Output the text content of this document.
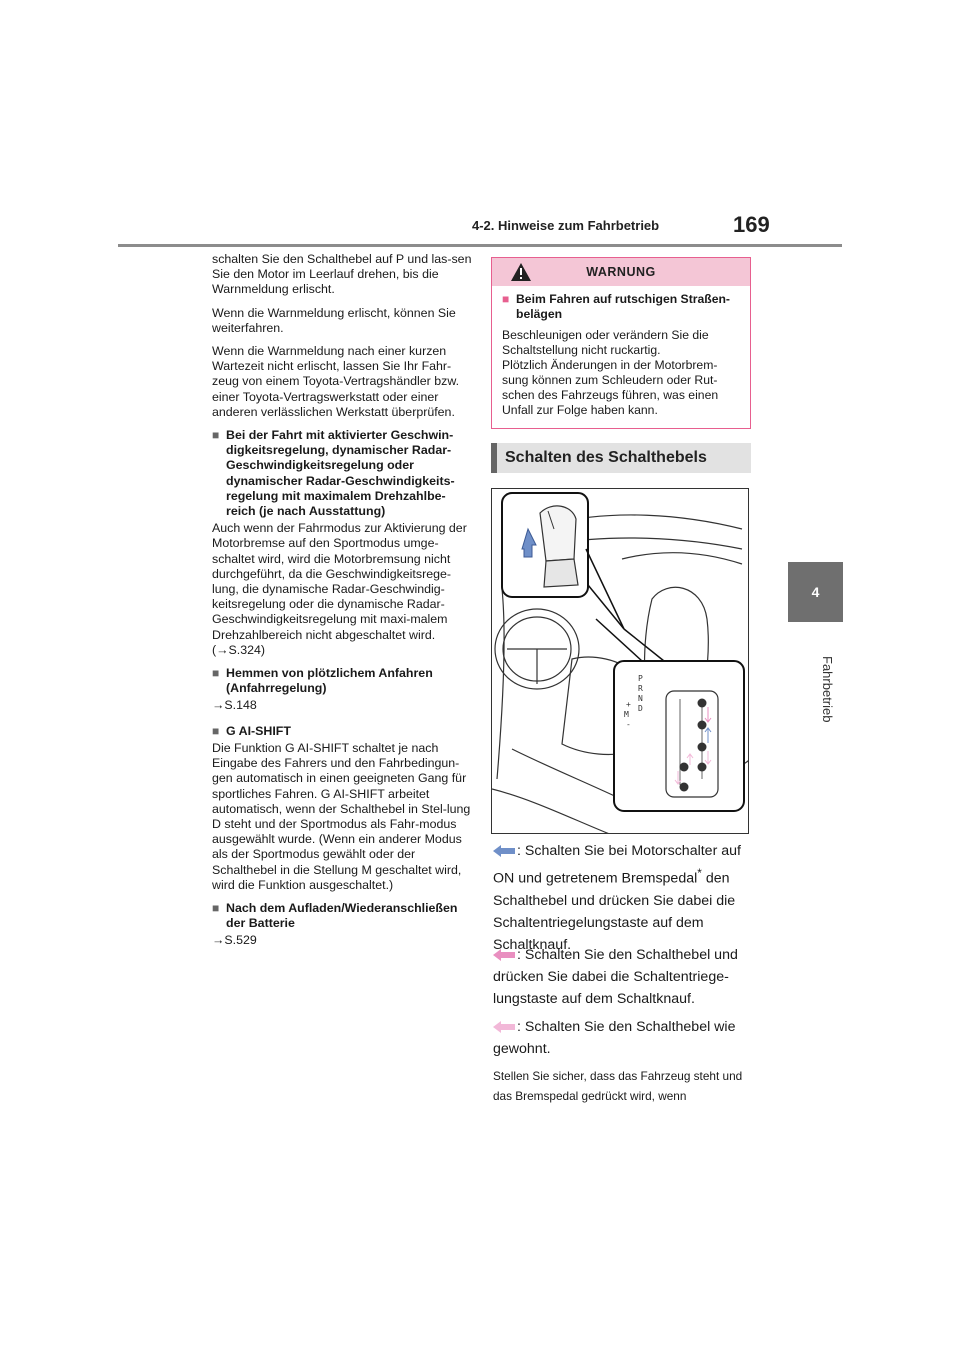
4-2. Hinweise zum Fahrbetrieb	169
4
Fahrbetrieb

schalten Sie den Schalthebel auf P und las-sen Sie den Motor im Leerlauf drehen, bis die Warnmeldung erlischt.

Wenn die Warnmeldung erlischt, können Sie weiterfahren.

Wenn die Warnmeldung nach einer kurzen Wartezeit nicht erlischt, lassen Sie Ihr Fahr-zeug von einem Toyota-Vertragshändler bzw. einer Toyota-Vertragswerkstatt oder einer anderen verlässlichen Werkstatt überprüfen.

■ Bei der Fahrt mit aktivierter Geschwin-digkeitsregelung, dynamischer Radar-Geschwindigkeitsregelung oder dynamischer Radar-Geschwindigkeits-regelung mit maximalem Drehzahlbe-reich (je nach Ausstattung)

Auch wenn der Fahrmodus zur Aktivierung der Motorbremse auf den Sportmodus umge-schaltet wird, wird die Motorbremsung nicht durchgeführt, da die Geschwindigkeitsrege-lung, die dynamische Radar-Geschwindig-keitsregelung oder die dynamische Radar-Geschwindigkeitsregelung mit maxi-malem Drehzahlbereich nicht abgeschaltet wird. (→S.324)

■ Hemmen von plötzlichem Anfahren (Anfahrregelung)

→S.148

■ G AI-SHIFT

Die Funktion G AI-SHIFT schaltet je nach Eingabe des Fahrers und den Fahrbedingun-gen automatisch in einen geeigneten Gang für sportliches Fahren. G AI-SHIFT arbeitet automatisch, wenn der Schalthebel in Stel-lung D steht und der Sportmodus als Fahr-modus ausgewählt wurde. (Wenn ein anderer Modus als der Sportmodus gewählt oder der Schalthebel in die Stellung M geschaltet wird, wird die Funktion ausgeschaltet.)

■ Nach dem Aufladen/Wiederanschließen der Batterie

→S.529

WARNUNG
■ Beim Fahren auf rutschigen Straßen-belägen

Beschleunigen oder verändern Sie die Schaltstellung nicht ruckartig.

Plötzlich Änderungen in der Motorbrem-sung können zum Schleudern oder Rut-schen des Fahrzeugs führen, was einen Unfall zur Folge haben kann.

Schalten des Schalthebels
P
R
N
D
+
M
-
: Schalten Sie bei Motorschalter auf ON und getretenem Bremspedal* den Schalthebel und drücken Sie dabei die Schaltentriegelungstaste auf dem Schaltknauf.
: Schalten Sie den Schalthebel und drücken Sie dabei die Schaltentriege-lungstaste auf dem Schaltknauf.
: Schalten Sie den Schalthebel wie gewohnt.
Stellen Sie sicher, dass das Fahrzeug steht und das Bremspedal gedrückt wird, wenn
